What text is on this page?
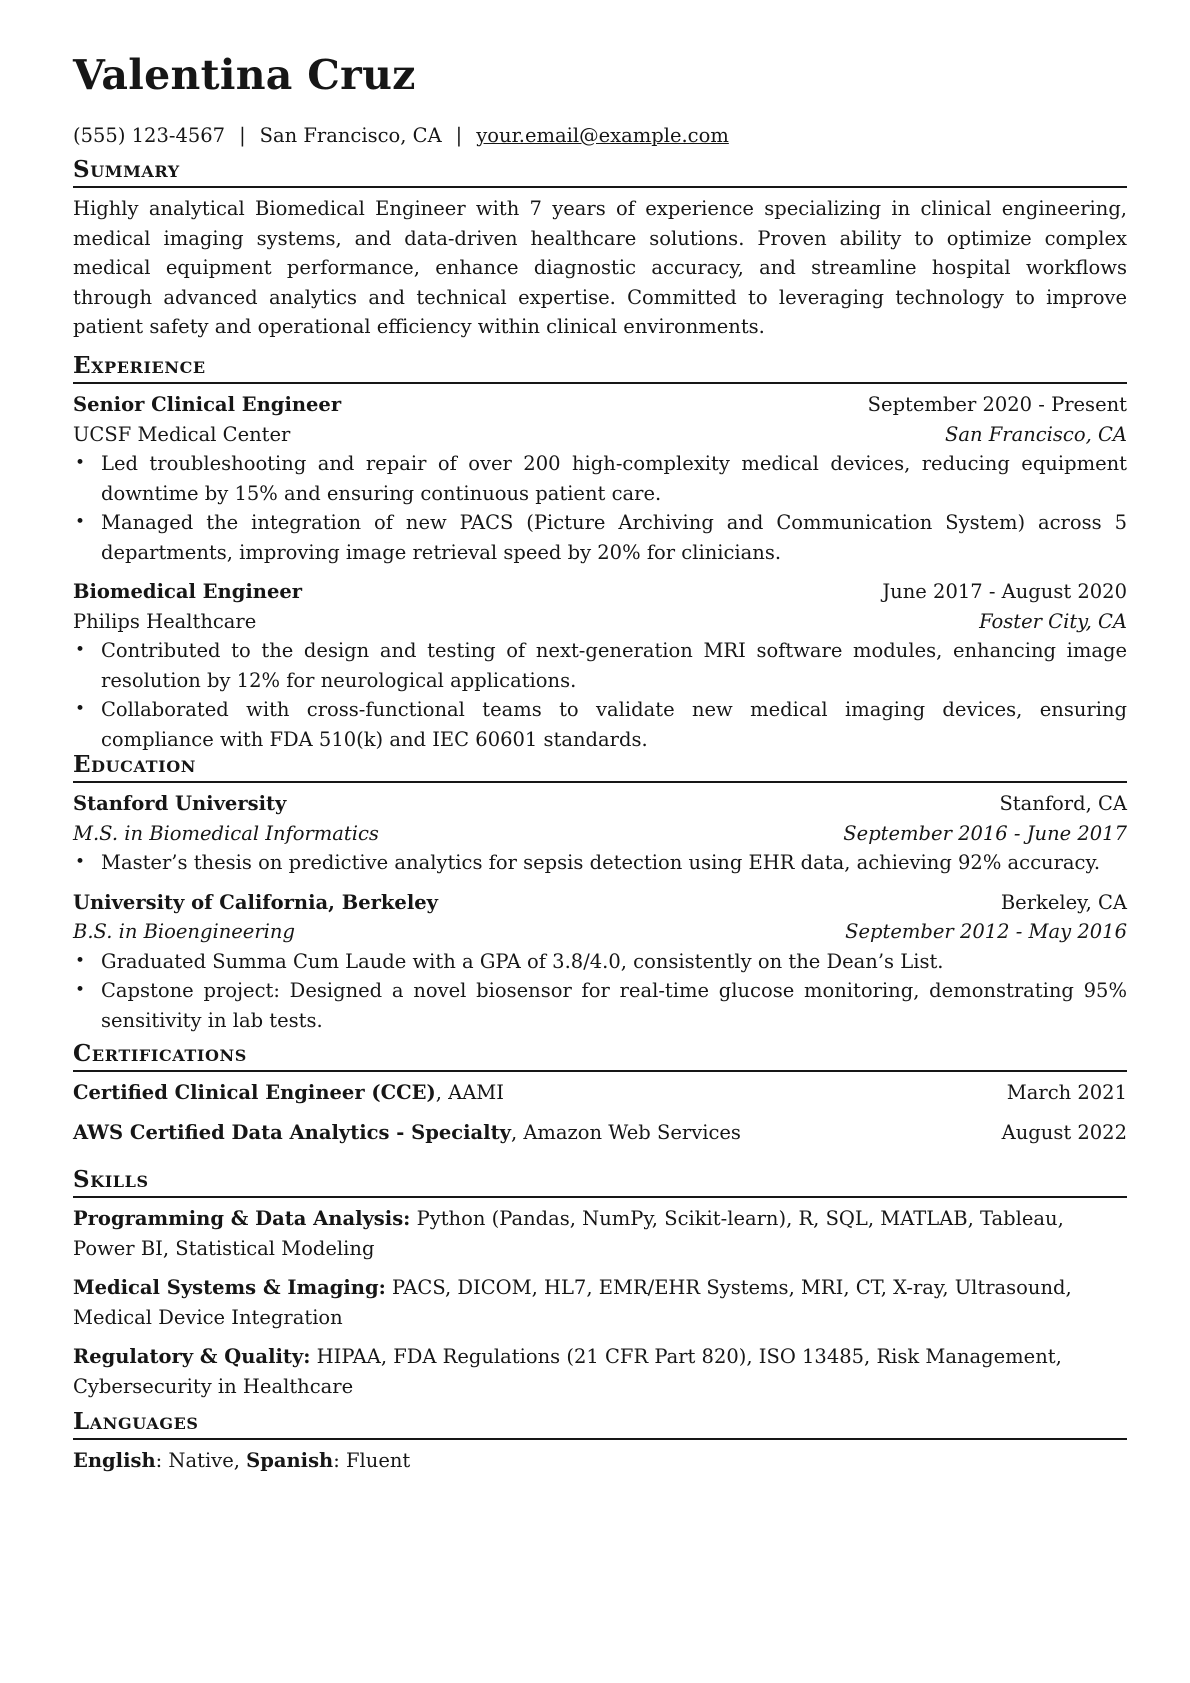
Valentina Cruz
(555) 123-4567 | San Francisco, CA | your.email@example.com
Summary
Highly analytical Biomedical Engineer with 7 years of experience specializing in clinical engineering, medical imaging systems, and data-driven healthcare solutions. Proven ability to optimize complex medical equipment performance, enhance diagnostic accuracy, and streamline hospital workflows through advanced analytics and technical expertise. Committed to leveraging technology to improve patient safety and operational efficiency within clinical environments.
Experience
Senior Clinical Engineer	September 2020 - Present
UCSF Medical Center	San Francisco, CA
• Led troubleshooting and repair of over 200 high-complexity medical devices, reducing equipment downtime by 15% and ensuring continuous patient care.
• Managed the integration of new PACS (Picture Archiving and Communication System) across 5 departments, improving image retrieval speed by 20% for clinicians.
Biomedical Engineer	June 2017 - August 2020
Philips Healthcare	Foster City, CA
• Contributed to the design and testing of next-generation MRI software modules, enhancing image resolution by 12% for neurological applications.
• Collaborated with cross-functional teams to validate new medical imaging devices, ensuring compliance with FDA 510(k) and IEC 60601 standards.
Education
Stanford University	Stanford, CA
M.S. in Biomedical Informatics	September 2016 - June 2017
• Master’s thesis on predictive analytics for sepsis detection using EHR data, achieving 92% accuracy.
University of California, Berkeley	Berkeley, CA
B.S. in Bioengineering	September 2012 - May 2016
• Graduated Summa Cum Laude with a GPA of 3.8/4.0, consistently on the Dean’s List.
• Capstone project: Designed a novel biosensor for real-time glucose monitoring, demonstrating 95% sensitivity in lab tests.
Certifications
Certified Clinical Engineer (CCE), AAMI	March 2021
AWS Certified Data Analytics - Specialty, Amazon Web Services	August 2022
Skills
Programming & Data Analysis: Python (Pandas, NumPy, Scikit-learn), R, SQL, MATLAB, Tableau, Power BI, Statistical Modeling
Medical Systems & Imaging: PACS, DICOM, HL7, EMR/EHR Systems, MRI, CT, X-ray, Ultrasound, Medical Device Integration
Regulatory & Quality: HIPAA, FDA Regulations (21 CFR Part 820), ISO 13485, Risk Management, Cybersecurity in Healthcare
Languages
English: Native, Spanish: Fluent
